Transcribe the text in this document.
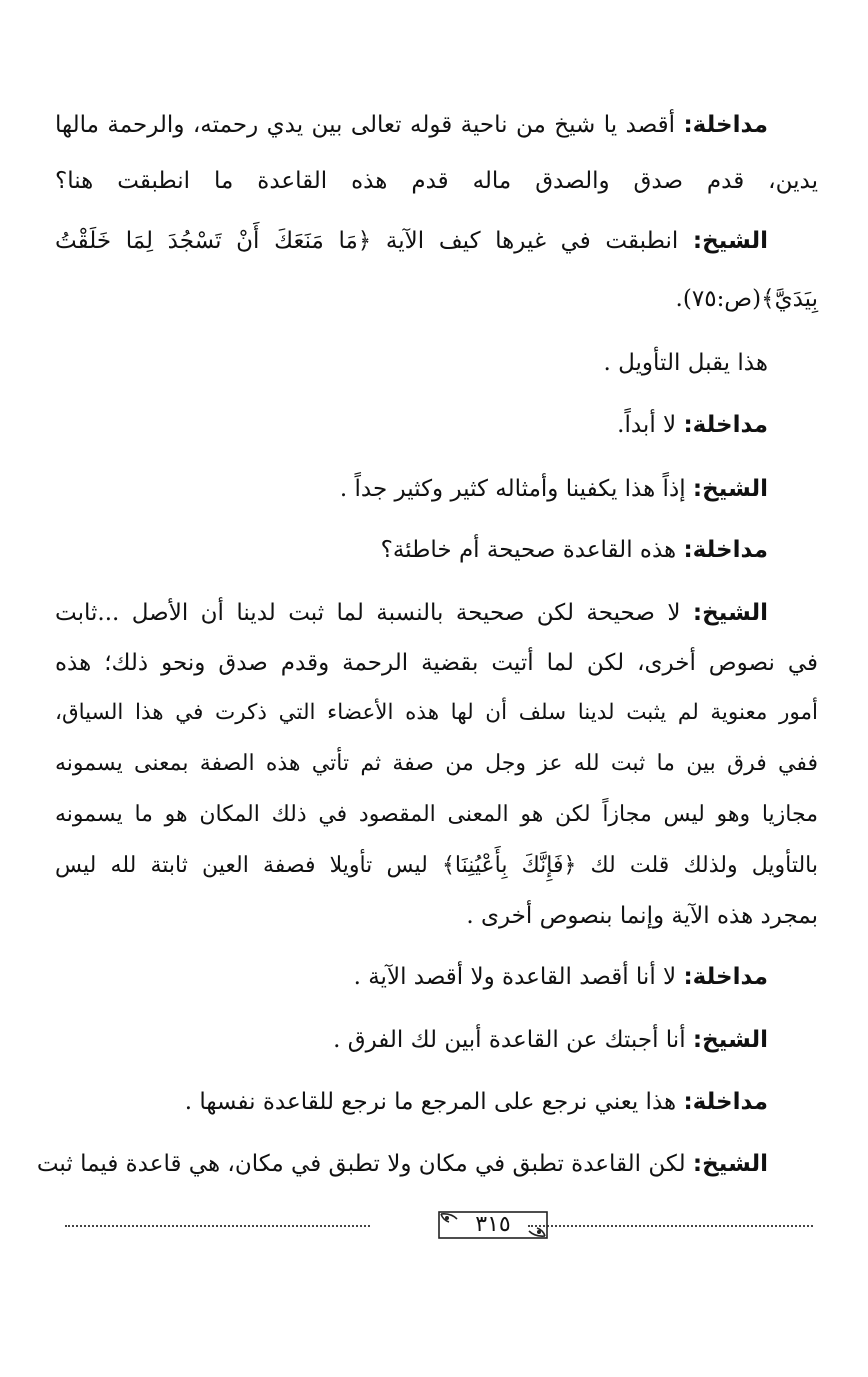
مداخلة: أقصد يا شيخ من ناحية قوله تعالى بين يدي رحمته، والرحمة مالها
يدين، قدم صدق والصدق ماله قدم هذه القاعدة ما انطبقت هنا؟
الشيخ: انطبقت في غيرها كيف الآية ﴿مَا مَنَعَكَ أَنْ تَسْجُدَ لِمَا خَلَقْتُ
بِيَدَيَّ﴾(ص:٧٥).
هذا يقبل التأويل .
مداخلة: لا أبداً.
الشيخ: إذاً هذا يكفينا وأمثاله كثير وكثير جداً .
مداخلة: هذه القاعدة صحيحة أم خاطئة؟
الشيخ: لا صحيحة لكن صحيحة بالنسبة لما ثبت لدينا أن الأصل ...ثابت
في نصوص أخرى، لكن لما أتيت بقضية الرحمة وقدم صدق ونحو ذلك؛ هذه
أمور معنوية لم يثبت لدينا سلف أن لها هذه الأعضاء التي ذكرت في هذا السياق،
ففي فرق بين ما ثبت لله عز وجل من صفة ثم تأتي هذه الصفة بمعنى يسمونه
مجازيا وهو ليس مجازاً لكن هو المعنى المقصود في ذلك المكان هو ما يسمونه
بالتأويل ولذلك قلت لك ﴿فَإِنَّكَ بِأَعْيُنِنَا﴾ ليس تأويلا فصفة العين ثابتة لله ليس
بمجرد هذه الآية وإنما بنصوص أخرى .
مداخلة: لا أنا أقصد القاعدة ولا أقصد الآية .
الشيخ: أنا أجبتك عن القاعدة أبين لك الفرق .
مداخلة: هذا يعني نرجع على المرجع ما نرجع للقاعدة نفسها .
الشيخ: لكن القاعدة تطبق في مكان ولا تطبق في مكان، هي قاعدة فيما ثبت
٣١٥
